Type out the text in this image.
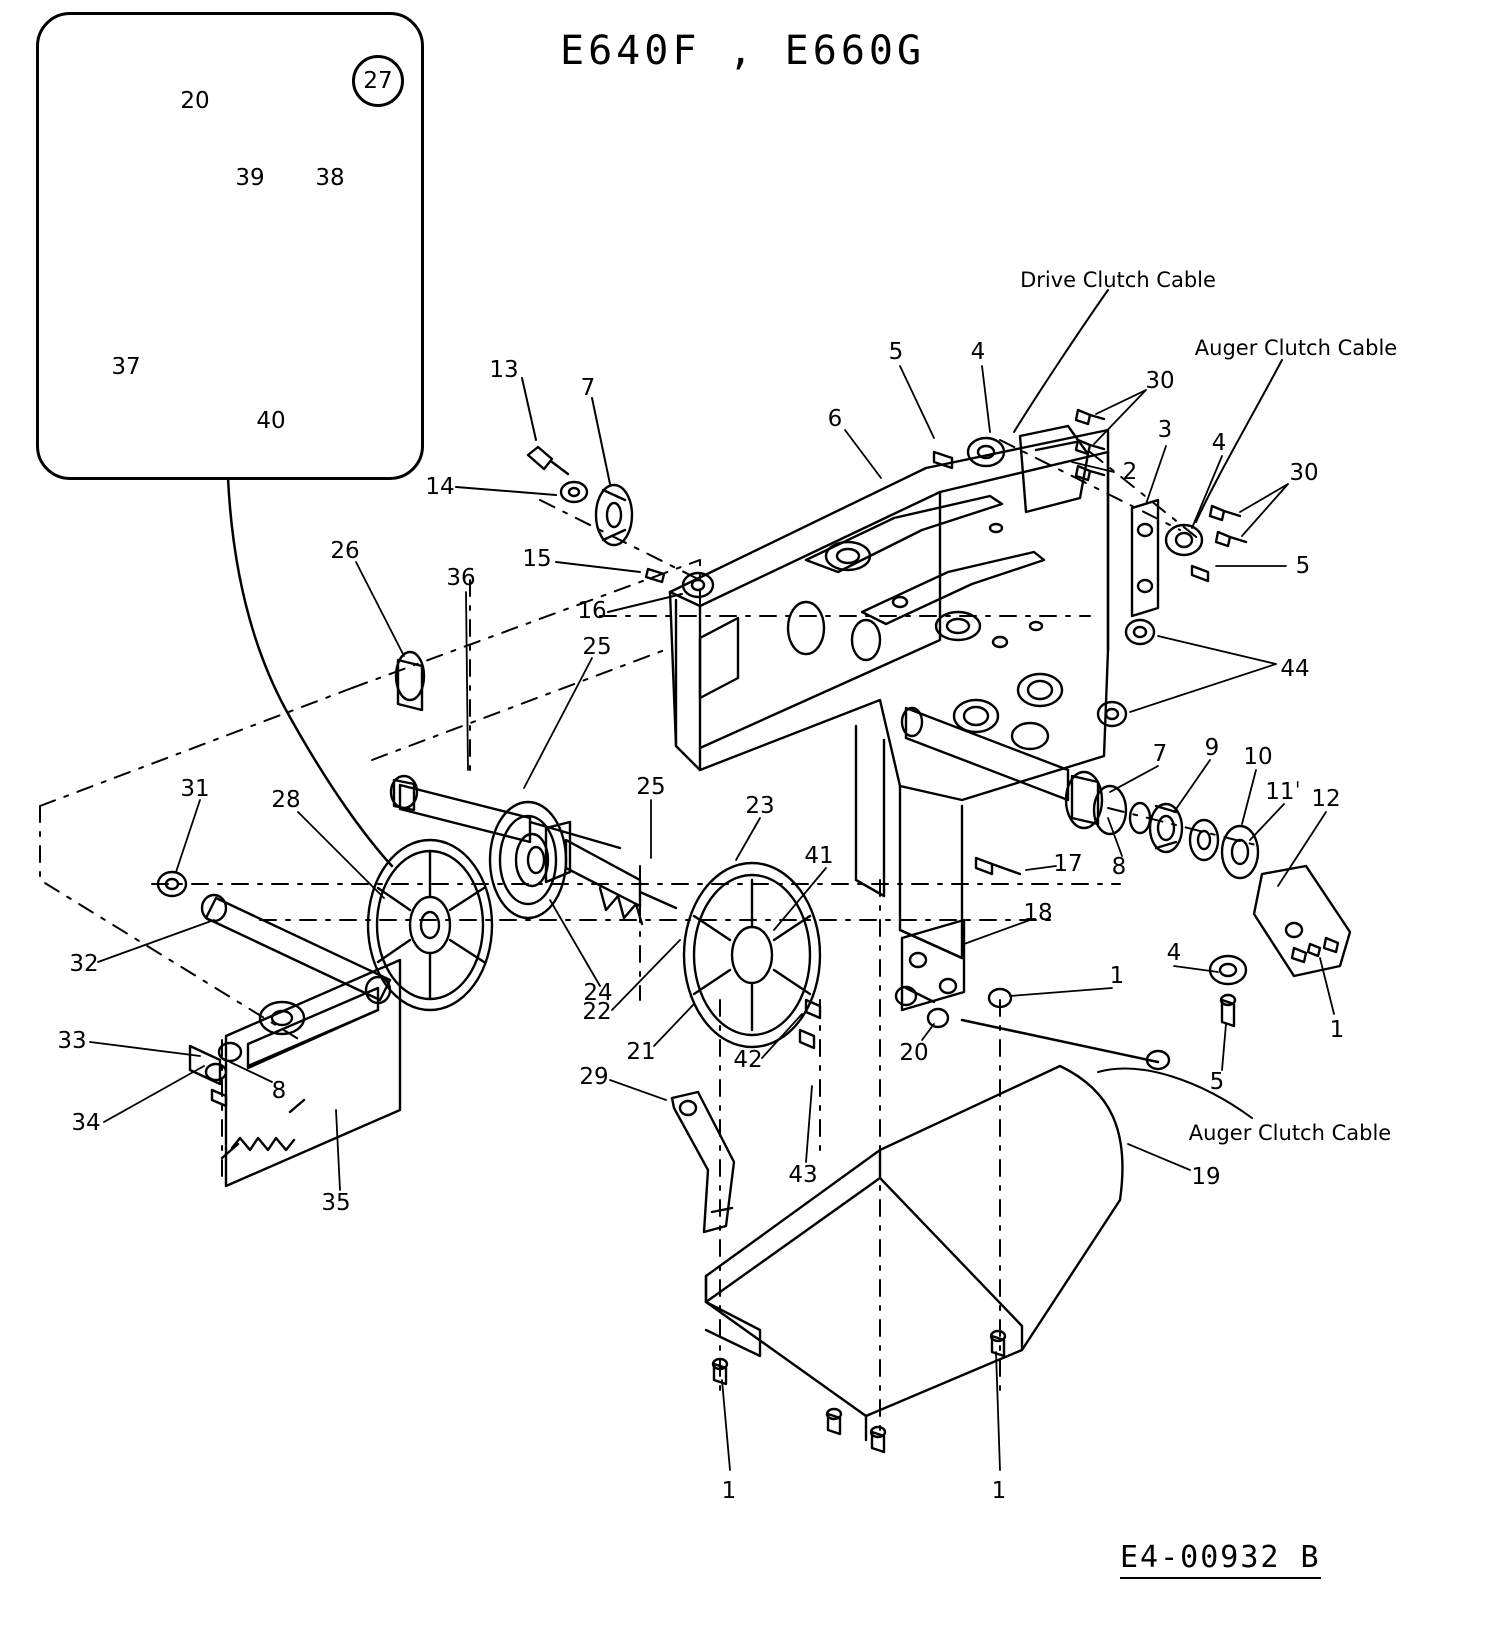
E640F , E660G
27
20
39 38
37
40
Drive Clutch Cable
Auger Clutch Cable
Auger Clutch Cable
13
7
14
15
16
6
5	4
30
2
3 4
30
5
44
26
36
25
25
23
41	17
7 9 10
11ˈ 12
8
31	28
32
33
34
8
35
24
22
21	42
18
20
1
4
1
5
29
43	19
1	1
E4-00932 B
